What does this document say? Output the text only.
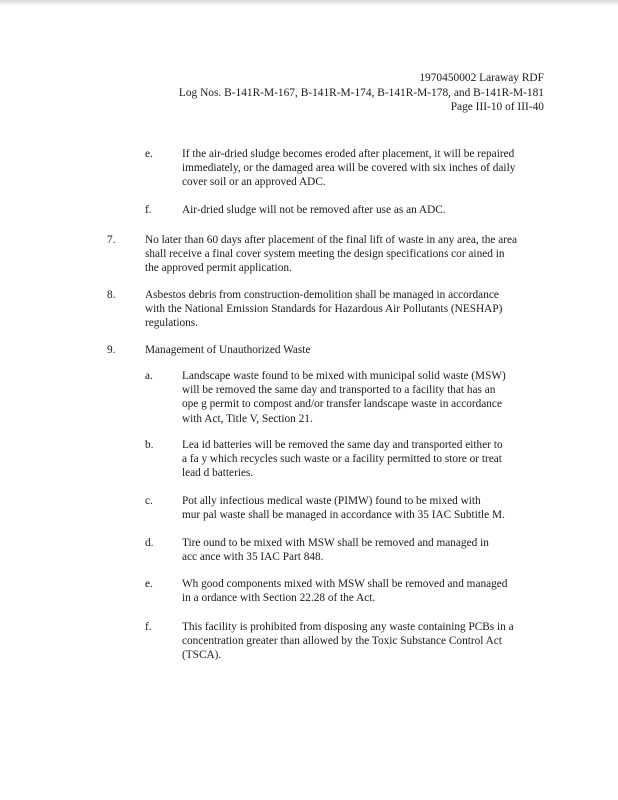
1970450002 Laraway RDF
Log Nos. B-141R-M-167, B-141R-M-174, B-141R-M-178, and B-141R-M-181
Page III-10 of III-40
e.	If the air-dried sludge becomes eroded after placement, it will be repaired
immediately, or the damaged area will be covered with six inches of daily
cover soil or an approved ADC.
f.	Air-dried sludge will not be removed after use as an ADC.
7.	No later than 60 days after placement of the final lift of waste in any area, the area
shall receive a final cover system meeting the design specifications cor ained in
the approved permit application.
8.	Asbestos debris from construction-demolition shall be managed in accordance
with the National Emission Standards for Hazardous Air Pollutants (NESHAP)
regulations.
9.	Management of Unauthorized Waste
a.	Landscape waste found to be mixed with municipal solid waste (MSW)
will be removed the same day and transported to a facility that has an
ope g permit to compost and/or transfer landscape waste in accordance
with Act, Title V, Section 21.
b.	Lea id batteries will be removed the same day and transported either to
a fa y which recycles such waste or a facility permitted to store or treat
lead d batteries.
c.	Pot ally infectious medical waste (PIMW) found to be mixed with
mur pal waste shall be managed in accordance with 35 IAC Subtitle M.
d.	Tire ound to be mixed with MSW shall be removed and managed in
acc ance with 35 IAC Part 848.
e.	Wh good components mixed with MSW shall be removed and managed
in a ordance with Section 22.28 of the Act.
f.	This facility is prohibited from disposing any waste containing PCBs in a
concentration greater than allowed by the Toxic Substance Control Act
(TSCA).
